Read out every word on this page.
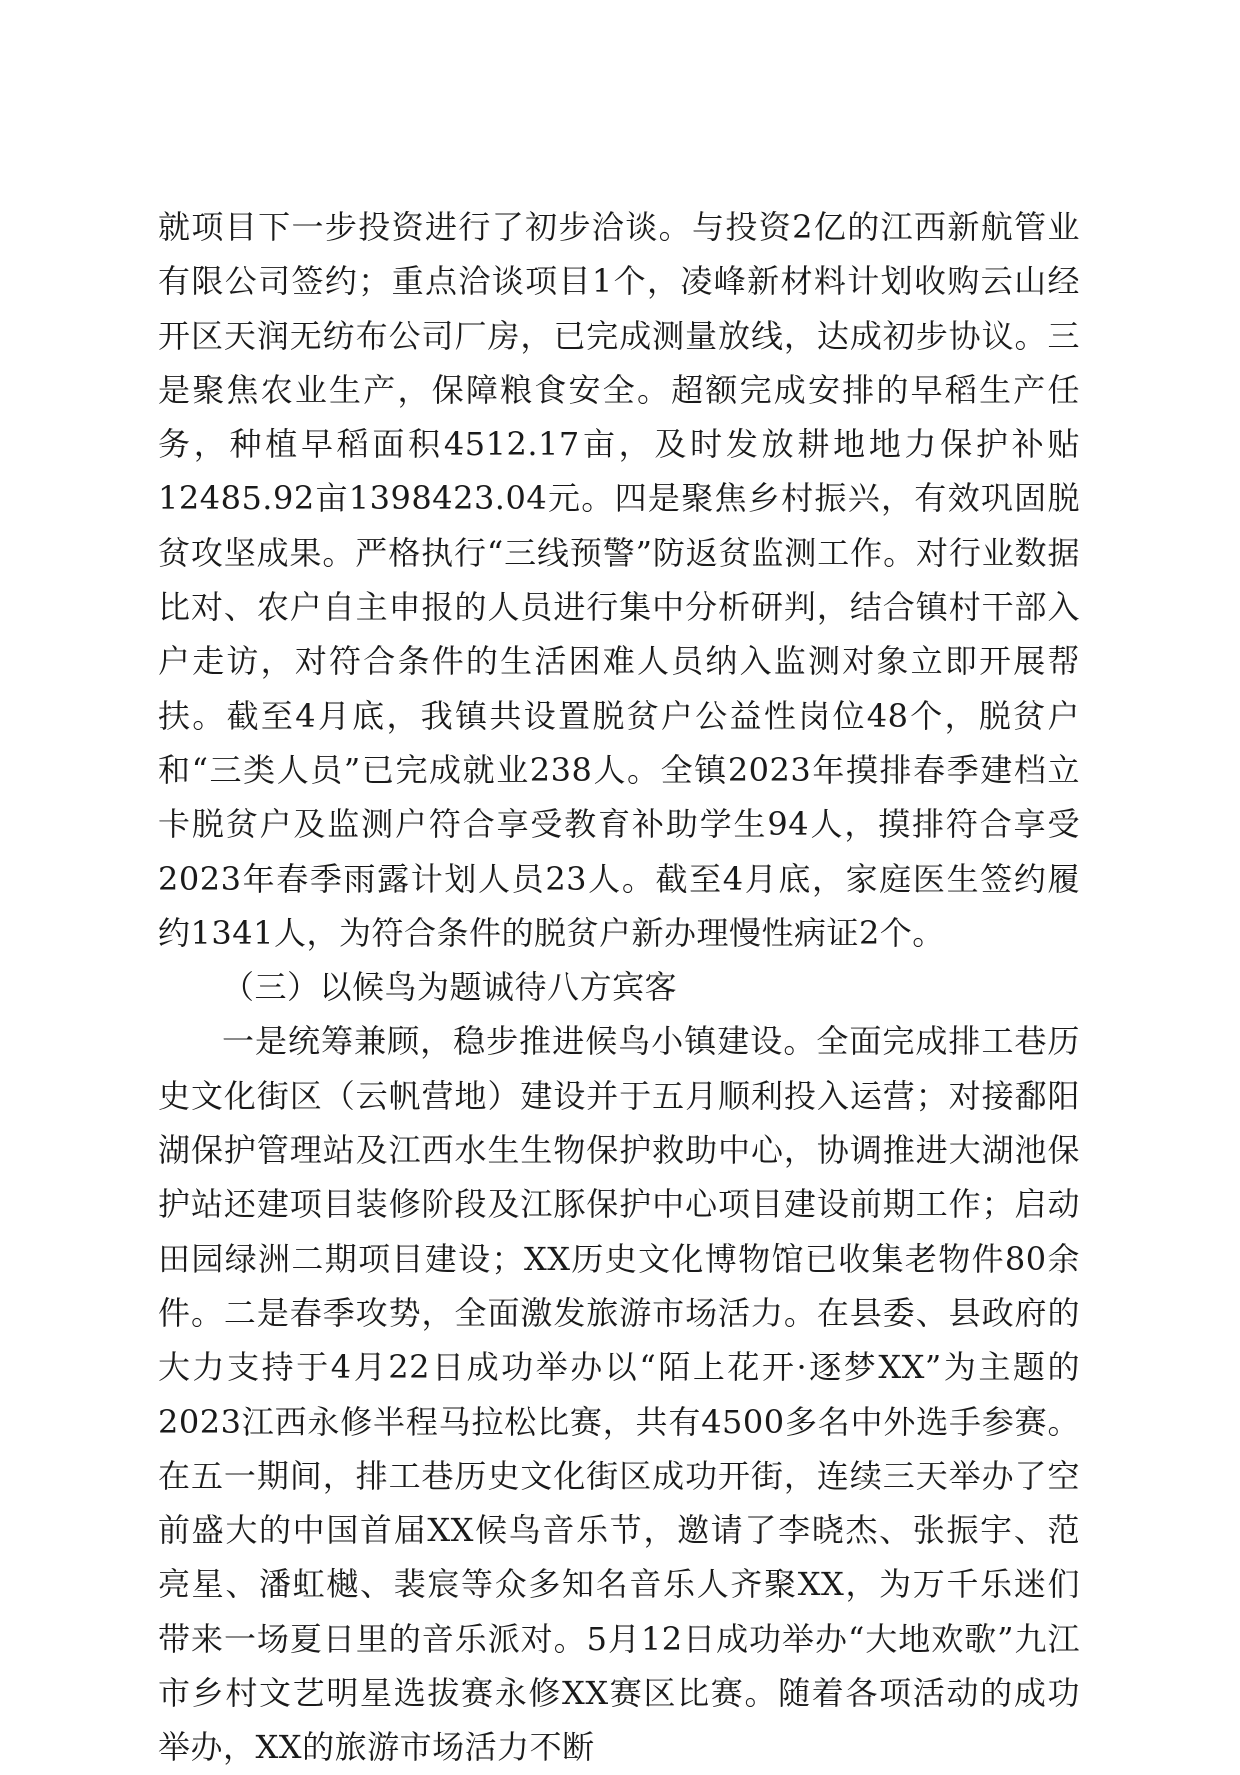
就项目下一步投资进行了初步洽谈。与投资2亿的江西新航管业有限公司签约；重点洽谈项目1个，凌峰新材料计划收购云山经开区天润无纺布公司厂房，已完成测量放线，达成初步协议。三是聚焦农业生产，保障粮食安全。超额完成安排的早稻生产任务，种植早稻面积4512.17亩，及时发放耕地地力保护补贴12485.92亩1398423.04元。四是聚焦乡村振兴，有效巩固脱贫攻坚成果。严格执行“三线预警”防返贫监测工作。对行业数据比对、农户自主申报的人员进行集中分析研判，结合镇村干部入户走访，对符合条件的生活困难人员纳入监测对象立即开展帮扶。截至4月底，我镇共设置脱贫户公益性岗位48个，脱贫户和“三类人员”已完成就业238人。全镇2023年摸排春季建档立卡脱贫户及监测户符合享受教育补助学生94人，摸排符合享受2023年春季雨露计划人员23人。截至4月底，家庭医生签约履约1341人，为符合条件的脱贫户新办理慢性病证2个。

（三）以候鸟为题诚待八方宾客

一是统筹兼顾，稳步推进候鸟小镇建设。全面完成排工巷历史文化街区（云帆营地）建设并于五月顺利投入运营；对接鄱阳湖保护管理站及江西水生生物保护救助中心，协调推进大湖池保护站还建项目装修阶段及江豚保护中心项目建设前期工作；启动田园绿洲二期项目建设；XX历史文化博物馆已收集老物件80余件。二是春季攻势，全面激发旅游市场活力。在县委、县政府的大力支持于4月22日成功举办以“陌上花开·逐梦XX”为主题的2023江西永修半程马拉松比赛，共有4500多名中外选手参赛。在五一期间，排工巷历史文化街区成功开街，连续三天举办了空前盛大的中国首届XX候鸟音乐节，邀请了李晓杰、张振宇、范亮星、潘虹樾、裴宸等众多知名音乐人齐聚XX，为万千乐迷们带来一场夏日里的音乐派对。5月12日成功举办“大地欢歌”九江市乡村文艺明星选拔赛永修XX赛区比赛。随着各项活动的成功举办，XX的旅游市场活力不断
